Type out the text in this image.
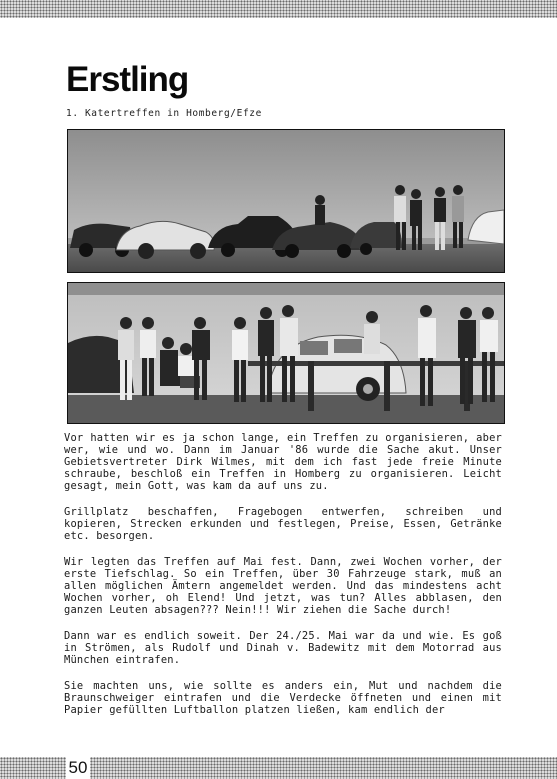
Erstling

1. Katertreffen in Homberg/Efze

Vor hatten wir es ja schon lange, ein Treffen zu organisieren, aber wer, wie und wo. Dann im Januar '86 wurde die Sache akut. Unser Gebietsvertreter Dirk Wilmes, mit dem ich fast jede freie Minute schraube, beschloß ein Treffen in Homberg zu organisieren. Leicht gesagt, mein Gott, was kam da auf uns zu.

Grillplatz beschaffen, Fragebogen entwerfen, schreiben und kopieren, Strecken erkunden und festlegen, Preise, Essen, Getränke etc. besorgen.

Wir legten das Treffen auf Mai fest. Dann, zwei Wochen vorher, der erste Tiefschlag. So ein Treffen, über 30 Fahrzeuge stark, muß an allen möglichen Ämtern angemeldet werden. Und das mindestens acht Wochen vorher, oh Elend! Und jetzt, was tun? Alles abblasen, den ganzen Leuten absagen??? Nein!!! Wir ziehen die Sache durch!

Dann war es endlich soweit. Der 24./25. Mai war da und wie. Es goß in Strömen, als Rudolf und Dinah v. Badewitz mit dem Motorrad aus München eintrafen.

Sie machten uns, wie sollte es anders ein, Mut und nachdem die Braunschweiger eintrafen und die Verdecke öffneten und einen mit Papier gefüllten Luftballon platzen ließen, kam endlich der

50
